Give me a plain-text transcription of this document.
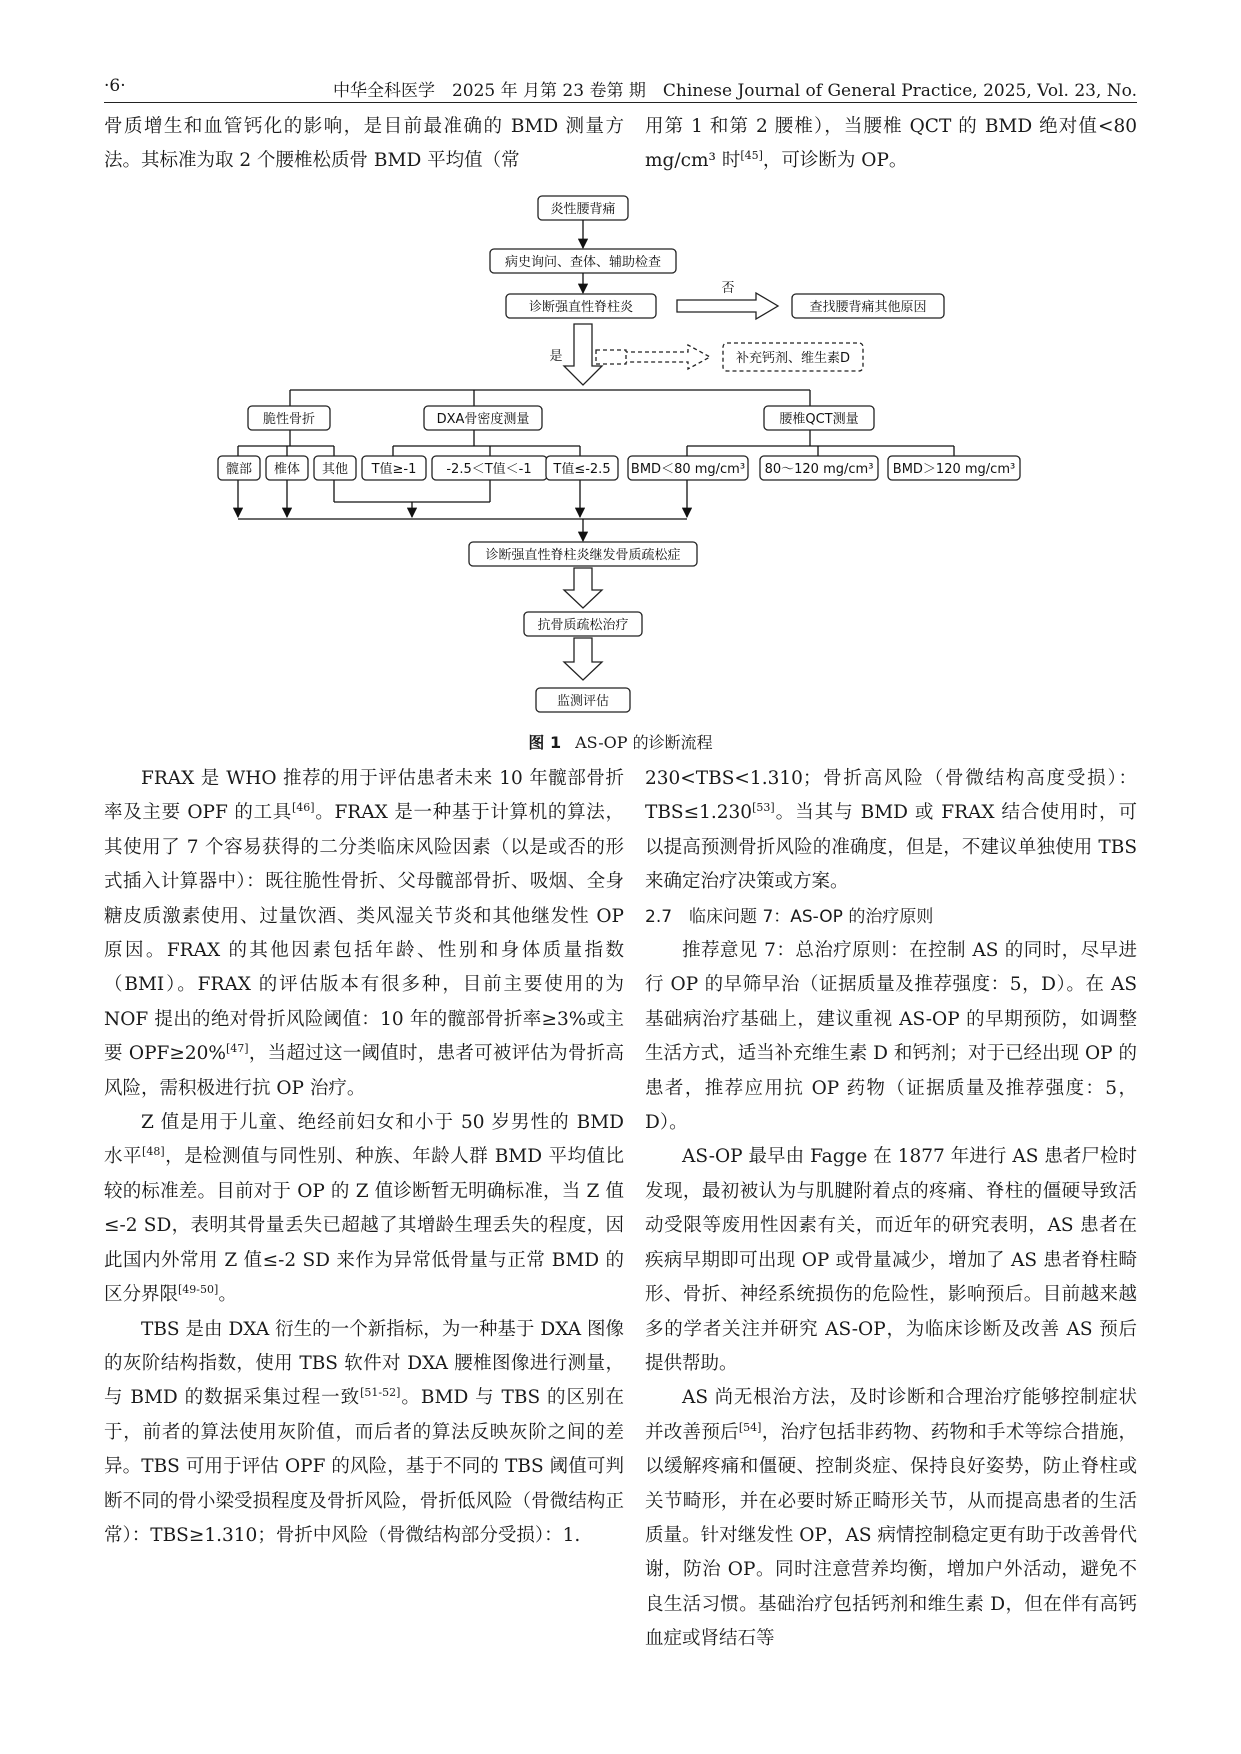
·6·	中华全科医学　2025 年 月第 23 卷第 期　Chinese Journal of General Practice, 2025, Vol. 23, No.

骨质增生和血管钙化的影响，是目前最准确的 BMD 测量方法。其标准为取 2 个腰椎松质骨 BMD 平均值（常

用第 1 和第 2 腰椎），当腰椎 QCT 的 BMD 绝对值<80 mg/cm³ 时[45]，可诊断为 OP。

炎性腰背痛
病史询问、查体、辅助检查
诊断强直性脊柱炎
否
查找腰背痛其他原因
是	补充钙剂、维生素D
脆性骨折	DXA骨密度测量	腰椎QCT测量
髋部 椎体 其他 T值≥-1 -2.5＜T值＜-1 T值≤-2.5 BMD＜80 mg/cm³ 80～120 mg/cm³ BMD＞120 mg/cm³
诊断强直性脊柱炎继发骨质疏松症
抗骨质疏松治疗
监测评估
图 1 AS-OP 的诊断流程

FRAX 是 WHO 推荐的用于评估患者未来 10 年髋部骨折率及主要 OPF 的工具[46]。FRAX 是一种基于计算机的算法，其使用了 7 个容易获得的二分类临床风险因素（以是或否的形式插入计算器中）：既往脆性骨折、父母髋部骨折、吸烟、全身糖皮质激素使用、过量饮酒、类风湿关节炎和其他继发性 OP 原因。FRAX 的其他因素包括年龄、性别和身体质量指数（BMI）。FRAX 的评估版本有很多种，目前主要使用的为 NOF 提出的绝对骨折风险阈值：10 年的髋部骨折率≥3%或主要 OPF≥20%[47]，当超过这一阈值时，患者可被评估为骨折高风险，需积极进行抗 OP 治疗。

Z 值是用于儿童、绝经前妇女和小于 50 岁男性的 BMD 水平[48]，是检测值与同性别、种族、年龄人群 BMD 平均值比较的标准差。目前对于 OP 的 Z 值诊断暂无明确标准，当 Z 值≤-2 SD，表明其骨量丢失已超越了其增龄生理丢失的程度，因此国内外常用 Z 值≤-2 SD 来作为异常低骨量与正常 BMD 的区分界限[49-50]。

TBS 是由 DXA 衍生的一个新指标，为一种基于 DXA 图像的灰阶结构指数，使用 TBS 软件对 DXA 腰椎图像进行测量，与 BMD 的数据采集过程一致[51-52]。BMD 与 TBS 的区别在于，前者的算法使用灰阶值，而后者的算法反映灰阶之间的差异。TBS 可用于评估 OPF 的风险，基于不同的 TBS 阈值可判断不同的骨小梁受损程度及骨折风险，骨折低风险（骨微结构正常）：TBS≥1.310；骨折中风险（骨微结构部分受损）：1.

230<TBS<1.310；骨折高风险（骨微结构高度受损）：TBS≤1.230[53]。当其与 BMD 或 FRAX 结合使用时，可以提高预测骨折风险的准确度，但是，不建议单独使用 TBS 来确定治疗决策或方案。

2.7　临床问题 7：AS-OP 的治疗原则

推荐意见 7：总治疗原则：在控制 AS 的同时，尽早进行 OP 的早筛早治（证据质量及推荐强度：5，D）。在 AS 基础病治疗基础上，建议重视 AS-OP 的早期预防，如调整生活方式，适当补充维生素 D 和钙剂；对于已经出现 OP 的患者，推荐应用抗 OP 药物（证据质量及推荐强度：5，D）。

AS-OP 最早由 Fagge 在 1877 年进行 AS 患者尸检时发现，最初被认为与肌腱附着点的疼痛、脊柱的僵硬导致活动受限等废用性因素有关，而近年的研究表明，AS 患者在疾病早期即可出现 OP 或骨量减少，增加了 AS 患者脊柱畸形、骨折、神经系统损伤的危险性，影响预后。目前越来越多的学者关注并研究 AS-OP，为临床诊断及改善 AS 预后提供帮助。

AS 尚无根治方法，及时诊断和合理治疗能够控制症状并改善预后[54]，治疗包括非药物、药物和手术等综合措施，以缓解疼痛和僵硬、控制炎症、保持良好姿势，防止脊柱或关节畸形，并在必要时矫正畸形关节，从而提高患者的生活质量。针对继发性 OP，AS 病情控制稳定更有助于改善骨代谢，防治 OP。同时注意营养均衡，增加户外活动，避免不良生活习惯。基础治疗包括钙剂和维生素 D，但在伴有高钙血症或肾结石等
